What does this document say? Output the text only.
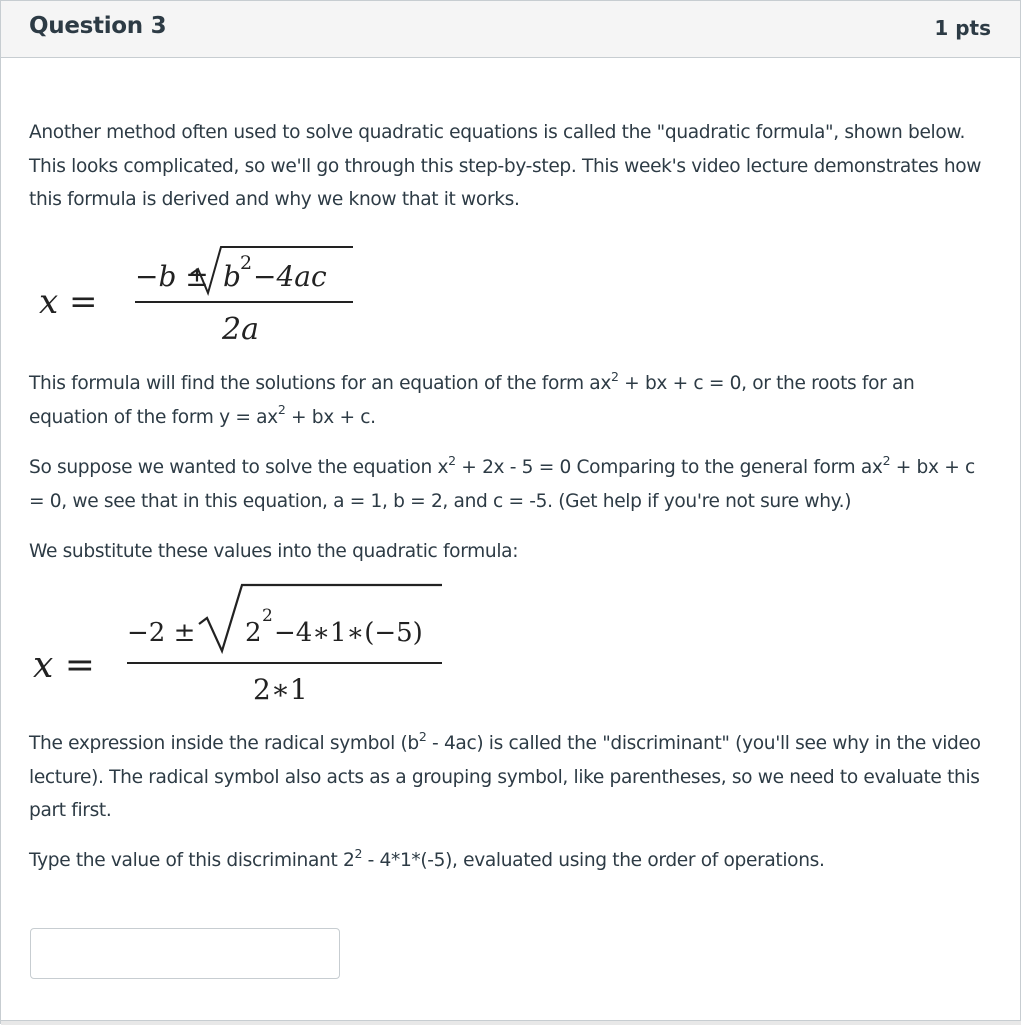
Question 3	1 pts
Another method often used to solve quadratic equations is called the "quadratic formula", shown below. This looks complicated, so we'll go through this step-by-step. This week's video lecture demonstrates how this formula is derived and why we know that it works.
x =
−b ± b 2 −4ac
2a
This formula will find the solutions for an equation of the form $ax^2$ + bx + c = 0, or the roots for an equation of the form $y = ax^2$ + bx + c.
So suppose we wanted to solve the equation $x^2 + 2x - 5 = 0$ Comparing to the general form $ax^2$ + bx + c = 0, we see that in this equation, a = 1, b = 2, and c = -5. (Get help if you're not sure why.)
We substitute these values into the quadratic formula:
x =
−2 ± 2
2
−4∗1∗(−5)
2∗1
The expression inside the radical symbol $(b^2 - 4ac)$ is called the "discriminant" (you'll see why in the video lecture). The radical symbol also acts as a grouping symbol, like parentheses, so we need to evaluate this part first.
Type the value of this discriminant $2^2 - 4*1*(-5)$, evaluated using the order of operations.
